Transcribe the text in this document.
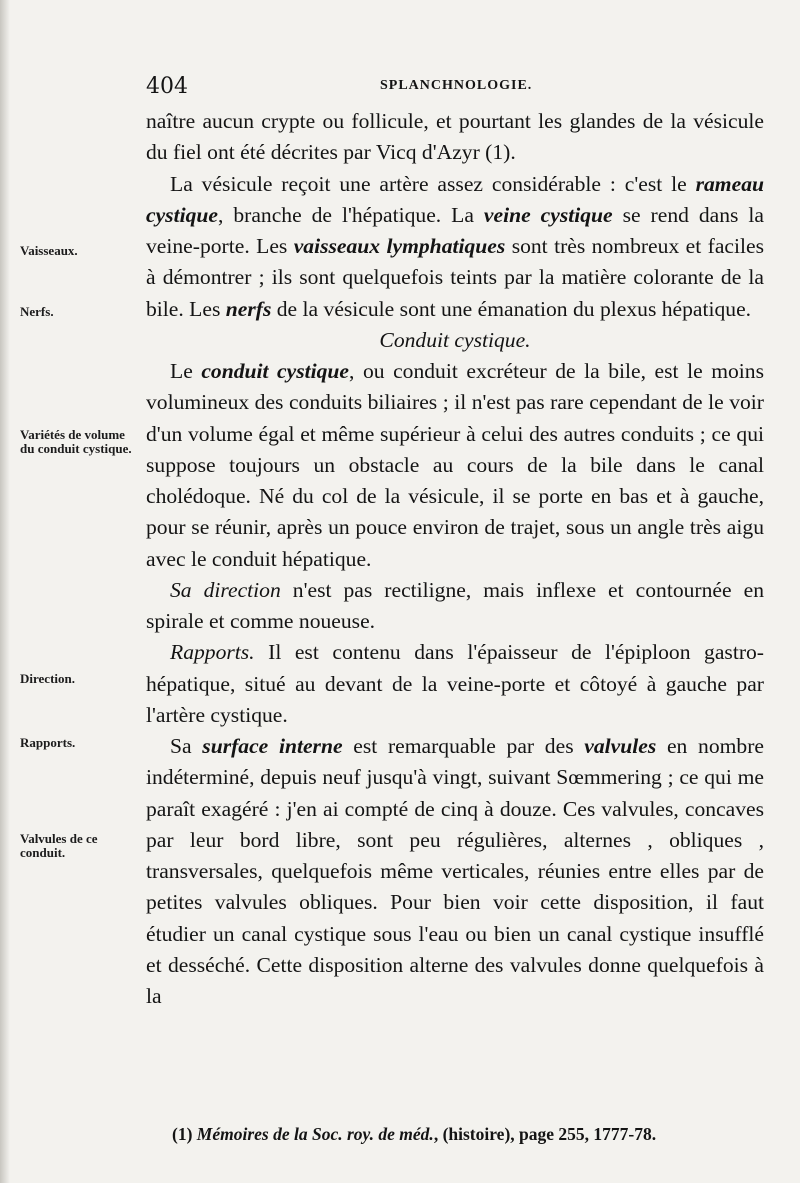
404	SPLANCHNOLOGIE.
Vaisseaux.
Nerfs.
Variétés de volume du conduit cystique.
Direction.
Rapports.
Valvules de ce conduit.

naître aucun crypte ou follicule, et pourtant les glandes de la vésicule du fiel ont été décrites par Vicq d'Azyr (1).

La vésicule reçoit une artère assez considérable : c'est le rameau cystique, branche de l'hépatique. La veine cystique se rend dans la veine-porte. Les vaisseaux lymphatiques sont très nombreux et faciles à démontrer ; ils sont quelquefois teints par la matière colorante de la bile. Les nerfs de la vésicule sont une émanation du plexus hépatique.

Conduit cystique.

Le conduit cystique, ou conduit excréteur de la bile, est le moins volumineux des conduits biliaires ; il n'est pas rare cependant de le voir d'un volume égal et même supérieur à celui des autres conduits ; ce qui suppose toujours un obstacle au cours de la bile dans le canal cholédoque. Né du col de la vésicule, il se porte en bas et à gauche, pour se réunir, après un pouce environ de trajet, sous un angle très aigu avec le conduit hépatique.

Sa direction n'est pas rectiligne, mais inflexe et contournée en spirale et comme noueuse.

Rapports. Il est contenu dans l'épaisseur de l'épiploon gastro-hépatique, situé au devant de la veine-porte et côtoyé à gauche par l'artère cystique.

Sa surface interne est remarquable par des valvules en nombre indéterminé, depuis neuf jusqu'à vingt, suivant Sœmmering ; ce qui me paraît exagéré : j'en ai compté de cinq à douze. Ces valvules, concaves par leur bord libre, sont peu régulières, alternes , obliques , transversales, quelquefois même verticales, réunies entre elles par de petites valvules obliques. Pour bien voir cette disposition, il faut étudier un canal cystique sous l'eau ou bien un canal cystique insufflé et desséché. Cette disposition alterne des valvules donne quelquefois à la

(1) Mémoires de la Soc. roy. de méd., (histoire), page 255, 1777-78.
